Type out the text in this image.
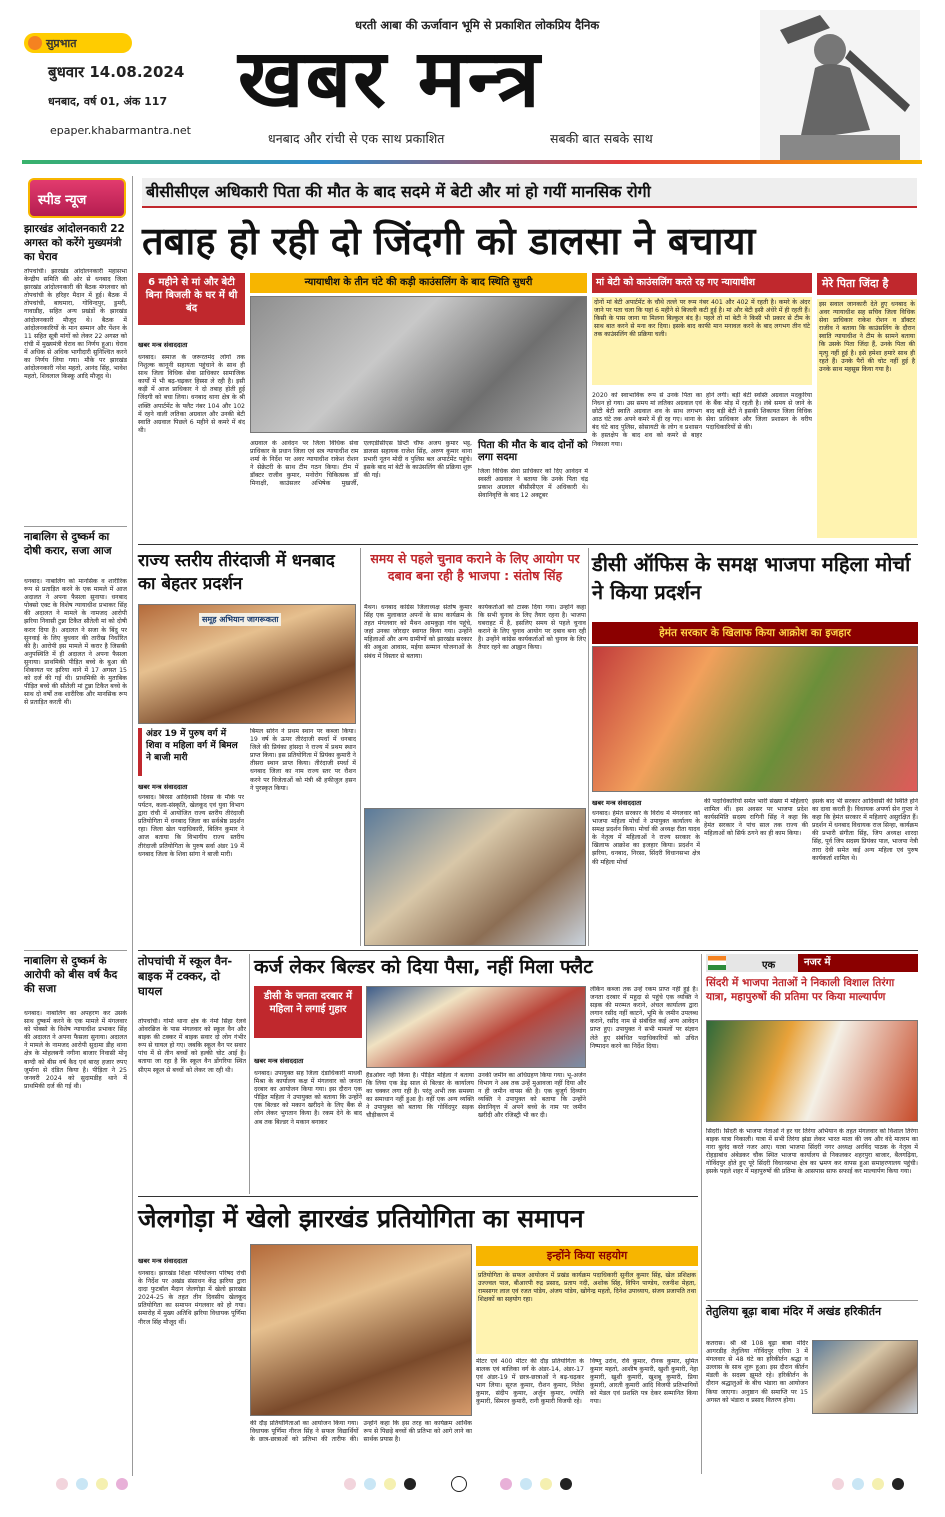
सुप्रभात
बुधवार 14.08.2024
धनबाद, वर्ष 01, अंक 117
epaper.khabarmantra.net
धरती आबा की ऊर्जावान भूमि से प्रकाशित लोकप्रिय दैनिक
खबर मन्त्र
धनबाद और रांची से एक साथ प्रकाशित	सबकी बात सबके साथ
स्पीड न्यूज
झारखंड आंदोलनकारी 22 अगस्त को करेंगे मुख्यमंत्री का घेराव
तोपचांची। झारखंड आंदोलनकारी महासभा केन्द्रीय समिति की ओर से धनबाद जिला झारखंड आंदोलनकारी की बैठक मंगलवार को तोपचांची के हरिहर मैदान में हुई। बैठक में तोपचांची, बाघमारा, गोविन्दपुर, डुमरी, गावाडीह, सहित अन्य प्रखंडों के झारखंड आंदोलनकारी मौजूद थे। बैठक में आंदोलनकारियों के मान सम्मान और पेंशन के 11 सहित सूत्री मांगों को लेकर 22 अगस्त को रांची में मुख्यमंत्री घेराव का निर्णय हुआ। घेराव में अधिक से अधिक भागीदारी सुनिश्चित करने का निर्णय लिया गया। मौके पर झारखंड आंदोलनकारी नरेश महतो, आनंद सिंह, भावेश महतो, शिवलाल किस्कू आदि मौजूद थे।
नाबालिग से दुष्कर्म का दोषी करार, सजा आज
धनबाद। नाबालिग को मानसिक व शारीरिक रूप से प्रताड़ित करने के एक मामले में आज अदालत ने अपना फैसला सुनाया। धनबाद पोक्सो एक्ट के विशेष न्यायाधीश प्रभाकर सिंह की अदालत ने मामले के नामजद आरोपी झरिया निवासी टुन्ना टिकैत सौतेली मां को दोषी करार दिया है। अदालत ने सजा के बिंदु पर सुनवाई के लिए बुधवार की तारीख निर्धारित की है। आरोपी इस मामले में करार है जिसकी अनुपस्थिति में ही अदालत ने अपना फैसला सुनाया। प्राथमिकी पीड़ित बच्चे के बुआ की शिकायत पर झरिया थाने में 17 अगस्त 15 को दर्ज की गई थी। प्राथमिकी के मुताबिक पीड़ित बच्चे की सौतेली मां टुन्ना टिकैत बच्चे के साथ दो वर्षों तक शारीरिक और मानसिक रूप से प्रताड़ित करती थी।
नाबालिग से दुष्कर्म के आरोपी को बीस वर्ष कैद की सजा
धनबाद। नाबालिग का अपहरण कर उसके साथ दुष्कर्म करने के एक मामले में मंगलवार को पोक्सो के विशेष न्यायाधीश प्रभाकर सिंह की अदालत ने अपना फैसला सुनाया। अदालत ने मामले के नामजद आरोपी सुदामा डीह थाना क्षेत्र के मोहलबनी नगीना बाजार निवासी मोनू बाग्दी को बीस वर्ष कैद एवं बारह हजार रुपए जुर्माना से दंडित किया है। पीड़िता ने 25 जनवरी 2024 को सुदामडीह थाने में प्राथमिकी दर्ज की गई थी।
बीसीसीएल अधिकारी पिता की मौत के बाद सदमे में बेटी और मां हो गयीं मानसिक रोगी
तबाह हो रही दो जिंदगी को डालसा ने बचाया
6 महीने से मां और बेटी बिना बिजली के घर में थी बंद
खबर मन्त्र संवाददाता
धनबाद। समाज के जरूरतमंद लोगों तक निशुल्क कानूनी सहायता पहुंचाने के साथ ही साथ जिला विधिक सेवा प्राधिकार सामाजिक कार्यों में भी बढ़-चढ़कर हिस्सा ले रही है। इसी कड़ी में आज प्राधिकार ने दो तबाह होती हुई जिंदगी को बचा लिया। धनबाद थाना क्षेत्र के श्री शक्ति अपार्टमेंट के फ्लैट नंबर 104 और 102 में रहने वाली लतिका अग्रवाल और उनकी बेटी स्वाति अग्रवाल पिछले 6 महीने से कमरे में बंद थी।
न्यायाधीश के तीन घंटे की कड़ी काउंसलिंग के बाद स्थिति सुधरी
अग्रवाल के आवेदन पर जिला विधिक सेवा प्राधिकार के प्रधान जिला एवं सत्र न्यायाधीश राम शर्मा के निर्देश पर अवर न्यायाधीश राकेश रोशन ने सेक्रेटरी के साथ टीम गठन किया। टीम में डॉक्टर राजीव कुमार, मनोरोग चिकित्सक डॉ मिनाक्षी, काउंसलर अभिषेक मुखर्जी, एलएडीसीएस डिप्टी चीफ अजय कुमार भट्ट, डालसा सहायक राजेश सिंह, अरुण कुमार थाना प्रभारी नूतन मोदी व पुलिस बल अपार्टमेंट पहुंचे। इसके बाद मां बेटी के काउंसलिंग की प्रक्रिया शुरू की गई।
पिता की मौत के बाद दोनों को लगा सदमा
जिला विधिक सेवा प्राधिकार को दिए आवेदन में स्वस्ती अग्रवाल ने बताया कि उनके पिता चंद्र प्रकाश अग्रवाल बीसीसीएल में अधिकारी थे। सेवानिवृत्ति के बाद 12 अक्टूबर
मां बेटी को काउंसलिंग करते रह गए न्यायाधीश
दोनों मां बेटी अपार्टमेंट के चौथे तल्ले पर रूम नंबर 401 और 402 में रहती है। कमरे के अंदर जाने पर पता चला कि यहां 6 महीने से बिजली कटी हुई है। मां और बेटी इसी अंधेरे में ही रहती हैं। किसी के पास जाना या मिलना बिल्कुल बंद है। पहले तो मां बेटी ने किसी भी प्रकार से टीम के साथ बात करने से मना कर दिया। इसके बाद काफी मान मनावल करने के बाद लगभग तीन घंटे तक काउंसलिंग की प्रक्रिया चली।
2020 को स्वाभाविक रूप से उनके पिता का निधन हो गया। उस समय मां लतिका अग्रवाल एवं छोटी बेटी स्वाति अग्रवाल शव के साथ लगभग आठ घंटे तक अपने कमरे में ही रह गए। थाना के बंद घंटे बाद पुलिस, सोसायटी के लोग व प्रशासन के हस्तक्षेप के बाद शव को कमरे से बाहर निकाला गया।
होने लगी। बड़ी बेटी स्वस्ति अग्रवाल मदकुरिया के बैंक मोड़ में रहती है। लंबे समय से जाने के बाद बड़ी बेटी ने इसकी शिकायत जिला विधिक सेवा प्राधिकार और जिला प्रशासन के वरीय पदाधिकारियों से की।
मेरे पिता जिंदा है
इस सवाल जानकारी देते हुए धनबाद के अवर न्यायाधीश सह सचिव जिला विधिक सेवा प्राधिकार राकेश रोशन व डॉक्टर राजीव ने बताया कि काउंसलिंग के दौरान स्वाति न्यायाधीश ने टीम के सामने बताया कि उसके पिता जिंदा हैं, उनके पिता की मृत्यु नहीं हुई है। इसे हमेशा हमारे साथ ही रहते हैं। उनके पैरों की चोट नहीं हुई है उनके साथ महसूस किया गया है।
राज्य स्तरीय तीरंदाजी में धनबाद का बेहतर प्रदर्शन
समूह अभियान जागरूकता
अंडर 19 में पुरुष वर्ग में शिवा व महिला वर्ग में बिमल ने बाजी मारी
खबर मन्त्र संवाददाता
धनबाद। बिरसा आदिवासी दिवस के मौके पर पर्यटन, कला-संस्कृति, खेलकूद एवं युवा विभाग द्वारा रांची में आयोजित राज्य स्तरीय तीरंदाजी प्रतियोगिता में धनबाद जिला का सर्वश्रेष्ठ प्रदर्शन रहा। जिला खेल पदाधिकारी, बिलिन कुमार ने आज बताया कि विभागीय राज्य स्तरीय तीरंदाजी प्रतियोगिता के पुरुष सर्वा अंडर 19 में धनबाद जिला के शिवा सांगा ने बाजी मारी।
बिमल सोरेन ने प्रथम स्थान पर कब्जा किया। 19 वर्ष के ऊपर तीरंदाजी स्पर्धा में धनबाद जिले की प्रियंका हांसदा ने राज्य में प्रथम स्थान प्राप्त किया। इस प्रतियोगिता में प्रियंका कुमारी ने तीसरा स्थान प्राप्त किया। तीरंदाजी स्पर्धा में धनबाद जिला का नाम राज्य स्तर पर रौशन करने पर विजेताओं को मंत्री श्री हफीजुल हसन ने पुरस्कृत किया।
समय से पहले चुनाव कराने के लिए आयोग पर दबाव बना रही है भाजपा : संतोष सिंह
मैथन। धनबाद कांग्रेस जिलाध्यक्ष संतोष कुमार सिंह एक मुलाकात अपनों के साथ कार्यक्रम के तहत मंगलवार को मैथन आमकुड़ा गांव पहुंचे, जहां उनका जोरदार स्वागत किया गया। उन्होंने महिलाओं और अन्य ग्रामीणों को झारखंड सरकार की अबुआ आवास, मईया सम्मान योजनाओं के संबंध में विस्तार से बताया।
कार्यकर्ताओं को टास्क दिया गया। उन्होंने कहा कि सभी चुनाव के लिए तैयार रहना है। भाजपा घबराहट में है, इसलिए समय से पहले चुनाव कराने के लिए चुनाव आयोग पर दबाव बना रही है। उन्होंने कांग्रेस कार्यकर्ताओं को चुनाव के लिए तैयार रहने का आह्वान किया।
डीसी ऑफिस के समक्ष भाजपा महिला मोर्चा ने किया प्रदर्शन
हेमंत सरकार के खिलाफ किया आक्रोश का इजहार
खबर मन्त्र संवाददाता
धनबाद। हेमंत सरकार के विरोध में मंगलवार को भाजपा महिला मोर्चा ने उपायुक्त कार्यालय के समक्ष प्रदर्शन किया। मोर्चा की अध्यक्ष रीता यादव के नेतृत्व में महिलाओं ने राज्य सरकार के खिलाफ आक्रोश का इजहार किया। प्रदर्शन में झरिया, धनबाद, निरसा, सिंदरी विधानसभा क्षेत्र की महिला मोर्चा
की पदाधिकारियों समेत भारी संख्या में महिलाएं शामिल थीं। इस अवसर पर भाजपा प्रदेश कार्यसमिति सदस्य रागिनी सिंह ने कहा कि हेमंत सरकार ने पांच साल तक राज्य की महिलाओं को सिर्फ ठगने का ही काम किया।
इसके बाद भी सरकार आदिवासी की स्थिति होने का दावा करती है। विधायक अपर्णा सेन गुप्ता ने कहा कि हेमंत सरकार में महिलाएं असुरक्षित हैं। प्रदर्शन में धनबाद विधायक राज सिन्हा, कार्यक्रम की प्रभारी संगीता सिंह, जिप अध्यक्ष शारदा सिंह, पूर्व जिप सदस्य प्रियंका पाल, भाजपा नेत्री तारा देवी समेत कई अन्य महिला एवं पुरुष कार्यकर्ता शामिल थे।
तोपचांची में स्कूल वैन-बाइक में टक्कर, दो घायल
तोपचांची। गोमो थाना क्षेत्र के नेमो सिंहा रेलवे ओवरब्रिज के पास मंगलवार को स्कूल वैन और बाइक की टक्कर में बाइक सवार दो लोग गंभीर रूप से घायल हो गए। जबकि स्कूल वैन पर सवार पांच में से तीन बच्चों को हल्की चोट आई है। बताया जा रहा है कि स्कूल वैन डोंगरिया स्थित सीएम स्कूल से बच्चों को लेकर जा रही थी।
कर्ज लेकर बिल्डर को दिया पैसा, नहीं मिला फ्लैट
डीसी के जनता दरबार में महिला ने लगाई गुहार
खबर मन्त्र संवाददाता
धनबाद। उपायुक्त सह जिला दंडाधिकारी माधवी मिश्रा के कार्यालय कक्ष में मंगलवार को जनता दरबार का आयोजन किया गया। इस दौरान एक पीड़ित महिला ने उपायुक्त को बताया कि उन्होंने एक बिल्डर को मकान खरीदने के लिए बैंक से लोन लेकर भुगतान किया है। रकम देने के बाद अब तक बिल्डर ने मकान बनाकर
हैंडओवर नहीं किया है। पीड़ित महिला ने बताया कि लिया एक डेढ़ साल से बिल्डर के कार्यालय का चक्कर लगा रही है। परंतु अभी तक समस्या का समाधान नहीं हुआ है। वहीं एक अन्य व्यक्ति ने उपायुक्त को बताया कि गोविंदपुर सड़क चौड़ीकरण में
उनकी जमीन का अधिग्रहण किया गया। भू-अर्जन विभाग ने अब तक उन्हें मुआवजा नहीं दिया और न ही जमीन वापस की है। एक बुजुर्ग दिव्यांग व्यक्ति ने उपायुक्त को बताया कि उन्होंने सेवानिवृत्त में अपने बच्चे के नाम पर जमीन खरीदी और रजिस्ट्री भी कर दी।
लेकिन कब्जा तक उन्हें रकम प्राप्त नहीं हुई है। जनता दरबार में महुदा से पहुंचे एक व्यक्ति ने सड़क की मरम्मत कराने, अंचल कार्यालय द्वारा लगान रसीद नहीं काटने, भूमि के जमीन उपलब्ध कराने, रसीद नाम से संबंधित कई अन्य आवेदन प्राप्त हुए। उपायुक्त ने सभी मामलों पर संज्ञान लेते हुए संबंधित पदाधिकारियों को उचित निष्पादन करने का निर्देश दिया।
एक	नजर में
सिंदरी में भाजपा नेताओं ने निकाली विशाल तिरंगा यात्रा, महापुरुषों की प्रतिमा पर किया माल्यार्पण
सिंदरी। सिंदरी के भाजपा नेताओं ने हर घर तिरंगा अभियान के तहत मंगलवार को विशाल तिरंगा बाइक यात्रा निकाली। यात्रा में सभी तिरंगा झंडा लेकर भारत माता की जय और वंदे मातरम का नारा बुलंद करते नजर आए। यात्रा भाजपा सिंदरी नगर अध्यक्ष अरविंद पाठक के नेतृत्व में रोहड़ाबांध अंबेडकर चौक स्थित भाजपा कार्यालय से निकलकर शहरपुरा बाजार, बैलगढ़िया, गोविंदपुर होते हुए पूरे सिंदरी विधानसभा क्षेत्र का भ्रमण कर वापस हुआ समाहरणालय पहुंची। इसके पहले शहर में महापुरुषों की प्रतिमा के आसपास साफ सफाई कर माल्यार्पण किया गया।
तेतुलिया बूढ़ा बाबा मंदिर में अखंड हरिकीर्तन
कतरास। श्री श्री 108 बूढ़ा बाबा मंदिर आगरडीह तेतुलिया गोविंदपुर एरिया 3 में मंगलवार से 48 घंटे का हरिकीर्तन श्रद्धा व उल्लास के साथ शुरू हुआ। इस दौरान कीर्तन मंडली के सदस्य झूमते रहे। हरिकीर्तन के दौरान श्रद्धालुओं के बीच भंडारा का आयोजन किया जाएगा। अनुष्ठान की समाप्ति पर 15 अगस्त को भंडारा व प्रसाद वितरण होगा।
जेलगोड़ा में खेलो झारखंड प्रतियोगिता का समापन
खबर मन्त्र संवाददाता
धनबाद। झारखंड शिक्षा परियोजना परिषद रांची के निर्देश पर अखंड संसाधन केंद्र झरिया द्वारा दादा फुटबॉल मैदान जेलगोड़ा में खेलो झारखंड 2024-25 के तहत तीन दिवसीय खेलकूद प्रतियोगिता का समापन मंगलवार को हो गया। समारोह में मुख्य अतिथि झरिया विधायक पूर्णिमा नीरज सिंह मौजूद थीं।
की दौड़ प्रतियोगिताओं का आयोजन किया गया। विधायक पूर्णिमा नीरज सिंह ने सफल विद्यार्थियों के छात्र-छात्राओं को प्रतिभा की तारीफ की। उन्होंने कहा कि इस तरह का कार्यक्रम आर्थिक रूप से पिछड़े बच्चों की प्रतिभा को आगे लाने का सार्थक प्रयास है।
इन्होंने किया सहयोग
प्रतियोगिता के सफल आयोजन में प्रखंड कार्यक्रम पदाधिकारी सुनील कुमार सिंह, खेल प्रशिक्षक उज्ज्वल पाल, बीआरपी रुद्र प्रसाद, प्रताप नदी, अशोक सिंह, विपिन पाण्डेय, रजनीश मेहता, रामसागर लाल एवं रजत पांडेय, अंजय पांडेय, खोगेन्द्र महतो, दिनेश उपाध्याय, संजय प्रजापति तथा शिक्षकों का सहयोग रहा।
मीटर एवं 400 मीटर की दौड़ प्रतियोगिता के बालक एवं बालिका वर्ग के अंडर-14, अंडर-17 एवं अंडर-19 में छात्र-छात्राओं ने बढ़-चढ़कर भाग लिया। सूरज कुमार, रौशन कुमार, नितेश कुमार, संदीप कुमार, अर्जुन कुमार, ज्योति कुमारी, सिमरन कुमारी, रानी कुमारी विजयी रहे।
विष्णु उरांव, रवि कुमार, रौनक कुमार, सुमित कुमार महतो, आशीष कुमारी, खुशी कुमारी, नेहा कुमारी, खुशी कुमारी, खुशबू कुमारी, प्रिया कुमारी, आरती कुमारी आदि विजयी प्रतिभागियों को मेडल एवं प्रशस्ति पत्र देकर सम्मानित किया गया।
